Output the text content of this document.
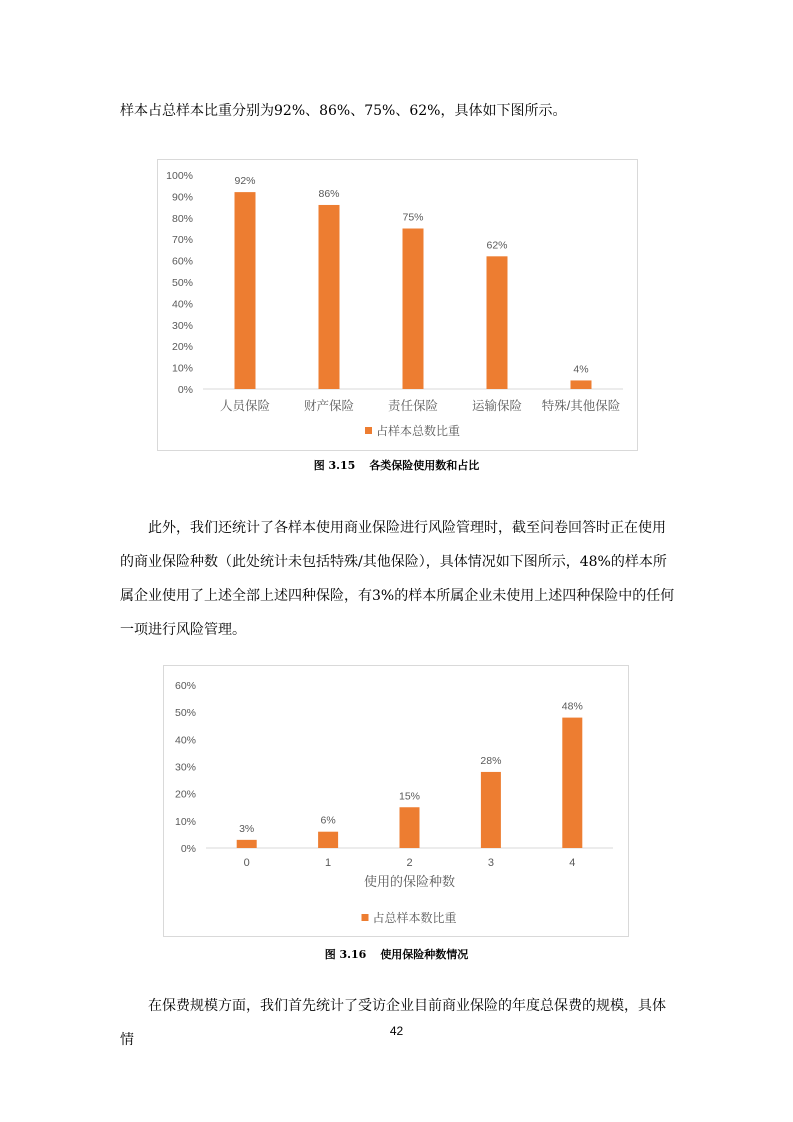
样本占总样本比重分别为92%、86%、75%、62%，具体如下图所示。

0%
10%
20%
30%
40%
50%
60%
70%
80%
90%
100%	92%
人员保险
86%
财产保险
75%
责任保险
62%
运输保险
4%
特殊/其他保险
占样本总数比重
图 3.15 各类保险使用数和占比

此外，我们还统计了各样本使用商业保险进行风险管理时，截至问卷回答时正在使用的商业保险种数（此处统计未包括特殊/其他保险），具体情况如下图所示，48%的样本所属企业使用了上述全部上述四种保险，有3%的样本所属企业未使用上述四种保险中的任何一项进行风险管理。

0%
10%
20%
30%
40%
50%
60%
3%
0
6%
1
15%
2
28%
3
48%
4
使用的保险种数
占总样本数比重
图 3.16 使用保险种数情况

在保费规模方面，我们首先统计了受访企业目前商业保险的年度总保费的规模，具体情

42
